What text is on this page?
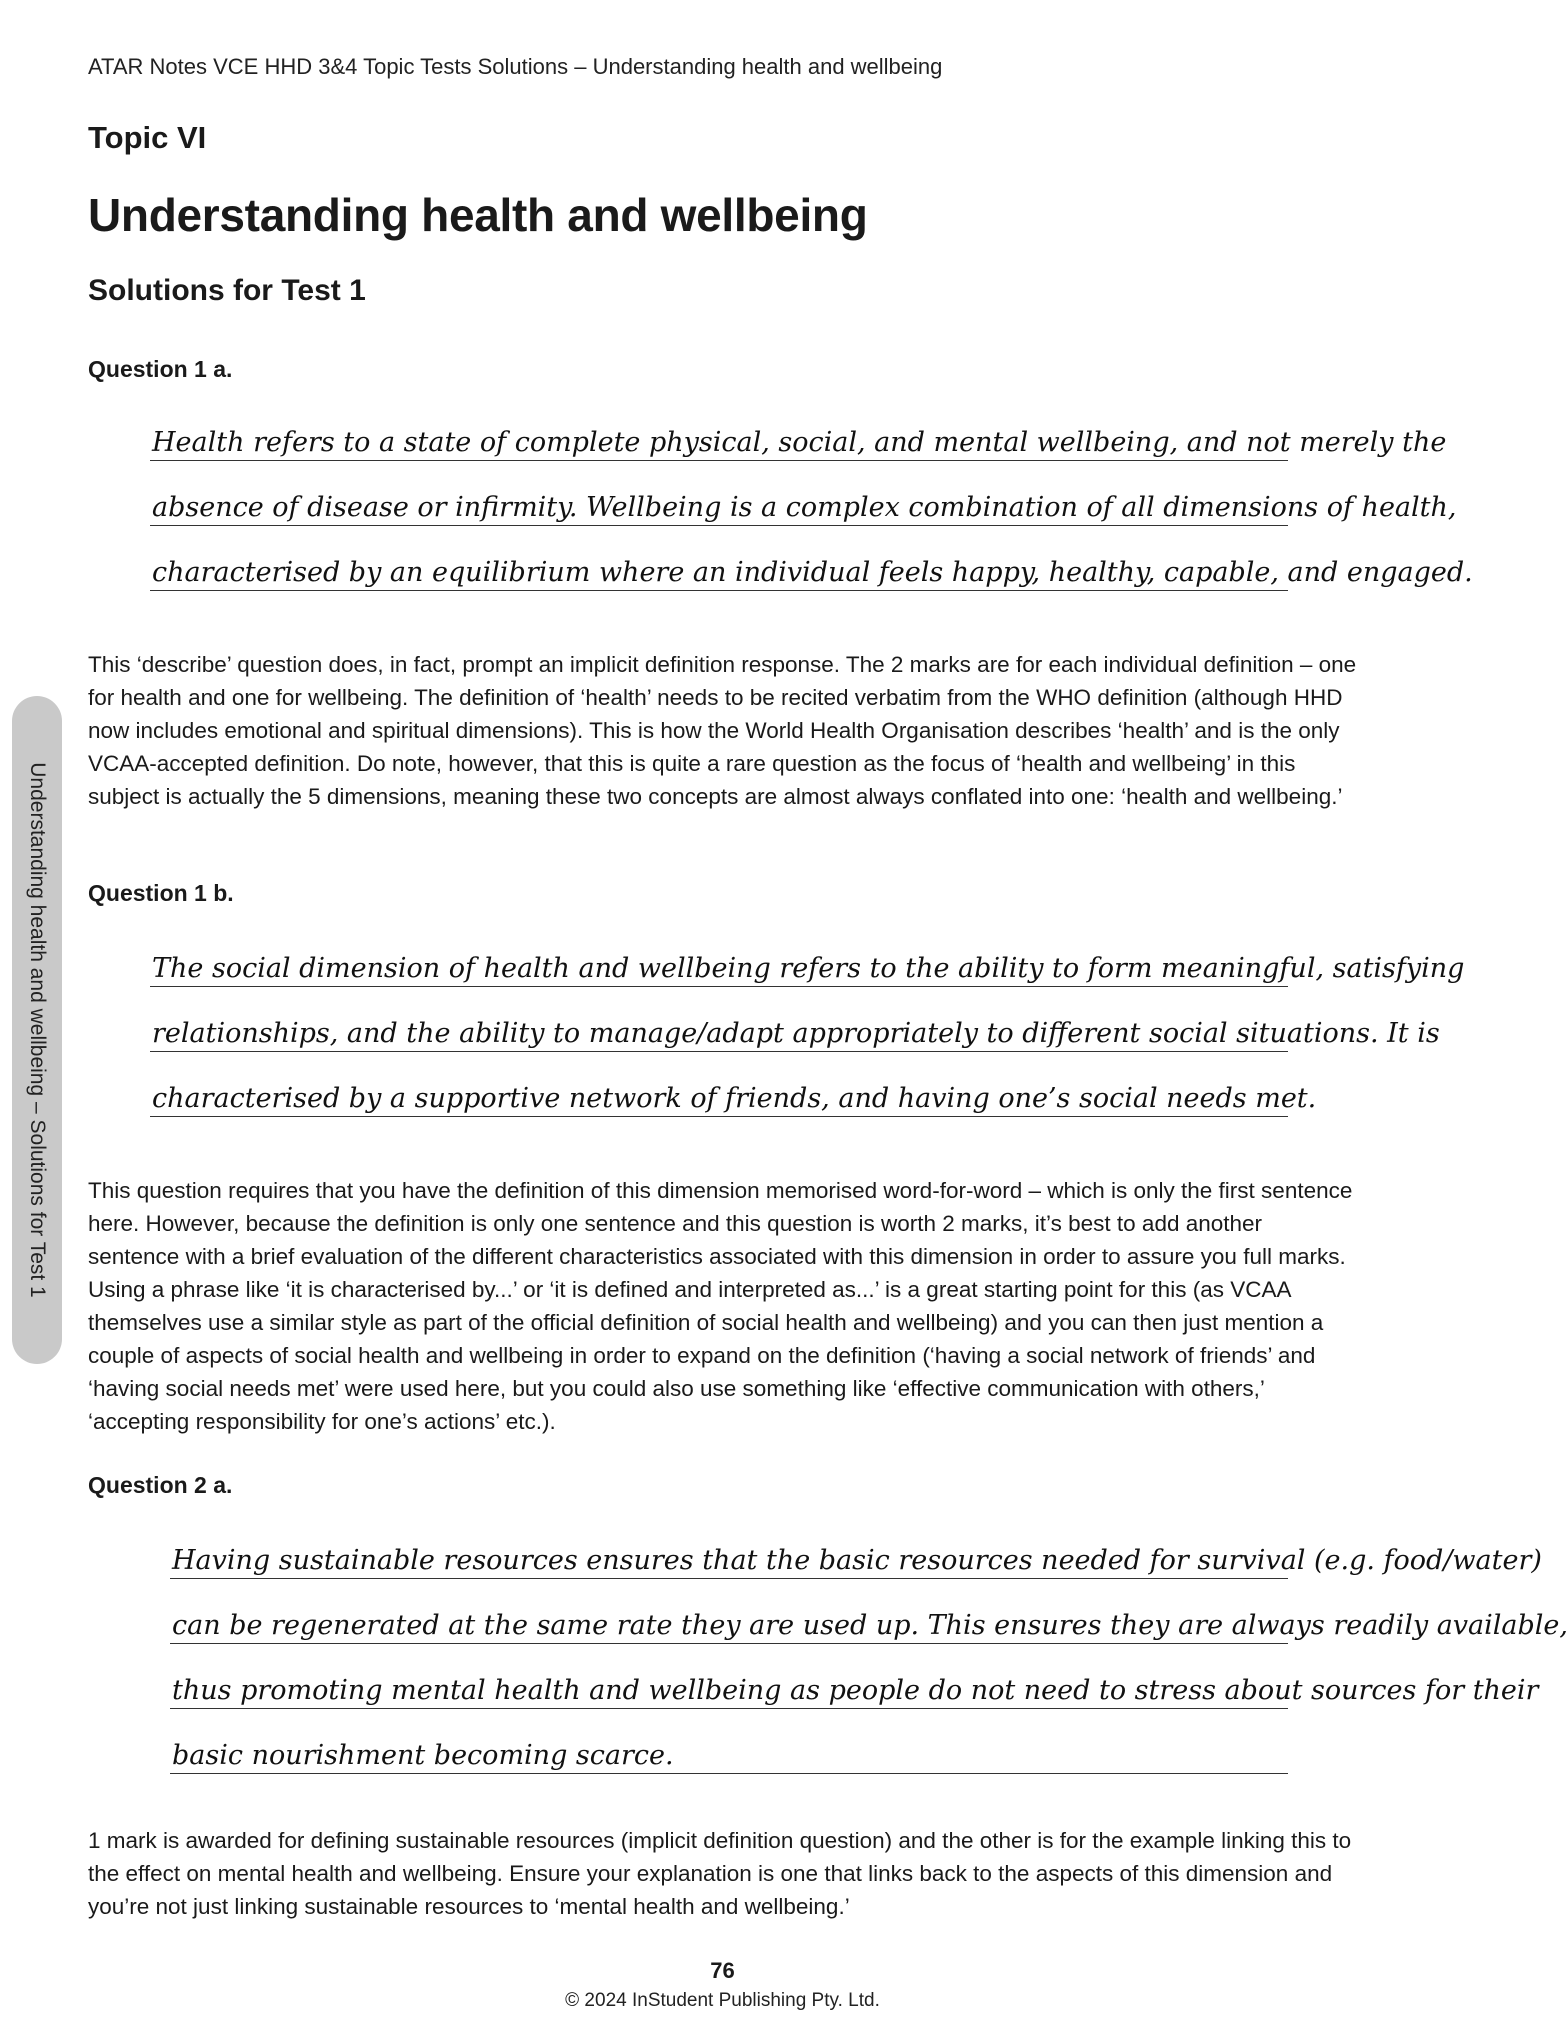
ATAR Notes VCE HHD 3&4 Topic Tests Solutions – Understanding health and wellbeing
Topic VI
Understanding health and wellbeing
Solutions for Test 1
Understanding health and wellbeing – Solutions for Test 1
Question 1 a.
Health refers to a state of complete physical, social, and mental wellbeing, and not merely the
absence of disease or infirmity. Wellbeing is a complex combination of all dimensions of health,
characterised by an equilibrium where an individual feels happy, healthy, capable, and engaged.

This ‘describe’ question does, in fact, prompt an implicit definition response. The 2 marks are for each individual definition – one for health and one for wellbeing. The definition of ‘health’ needs to be recited verbatim from the WHO definition (although HHD now includes emotional and spiritual dimensions). This is how the World Health Organisation describes ‘health’ and is the only VCAA-accepted definition. Do note, however, that this is quite a rare question as the focus of ‘health and wellbeing’ in this subject is actually the 5 dimensions, meaning these two concepts are almost always conflated into one: ‘health and wellbeing.’

Question 1 b.
The social dimension of health and wellbeing refers to the ability to form meaningful, satisfying
relationships, and the ability to manage/adapt appropriately to different social situations. It is
characterised by a supportive network of friends, and having one’s social needs met.

This question requires that you have the definition of this dimension memorised word-for-word – which is only the first sentence here. However, because the definition is only one sentence and this question is worth 2 marks, it’s best to add another sentence with a brief evaluation of the different characteristics associated with this dimension in order to assure you full marks. Using a phrase like ‘it is characterised by...’ or ‘it is defined and interpreted as...’ is a great starting point for this (as VCAA themselves use a similar style as part of the official definition of social health and wellbeing) and you can then just mention a couple of aspects of social health and wellbeing in order to expand on the definition (‘having a social network of friends’ and ‘having social needs met’ were used here, but you could also use something like ‘effective communication with others,’ ‘accepting responsibility for one’s actions’ etc.).

Question 2 a.
Having sustainable resources ensures that the basic resources needed for survival (e.g. food/water)
can be regenerated at the same rate they are used up. This ensures they are always readily available,
thus promoting mental health and wellbeing as people do not need to stress about sources for their
basic nourishment becoming scarce.

1 mark is awarded for defining sustainable resources (implicit definition question) and the other is for the example linking this to the effect on mental health and wellbeing. Ensure your explanation is one that links back to the aspects of this dimension and you’re not just linking sustainable resources to ‘mental health and wellbeing.’

76
© 2024 InStudent Publishing Pty. Ltd.
